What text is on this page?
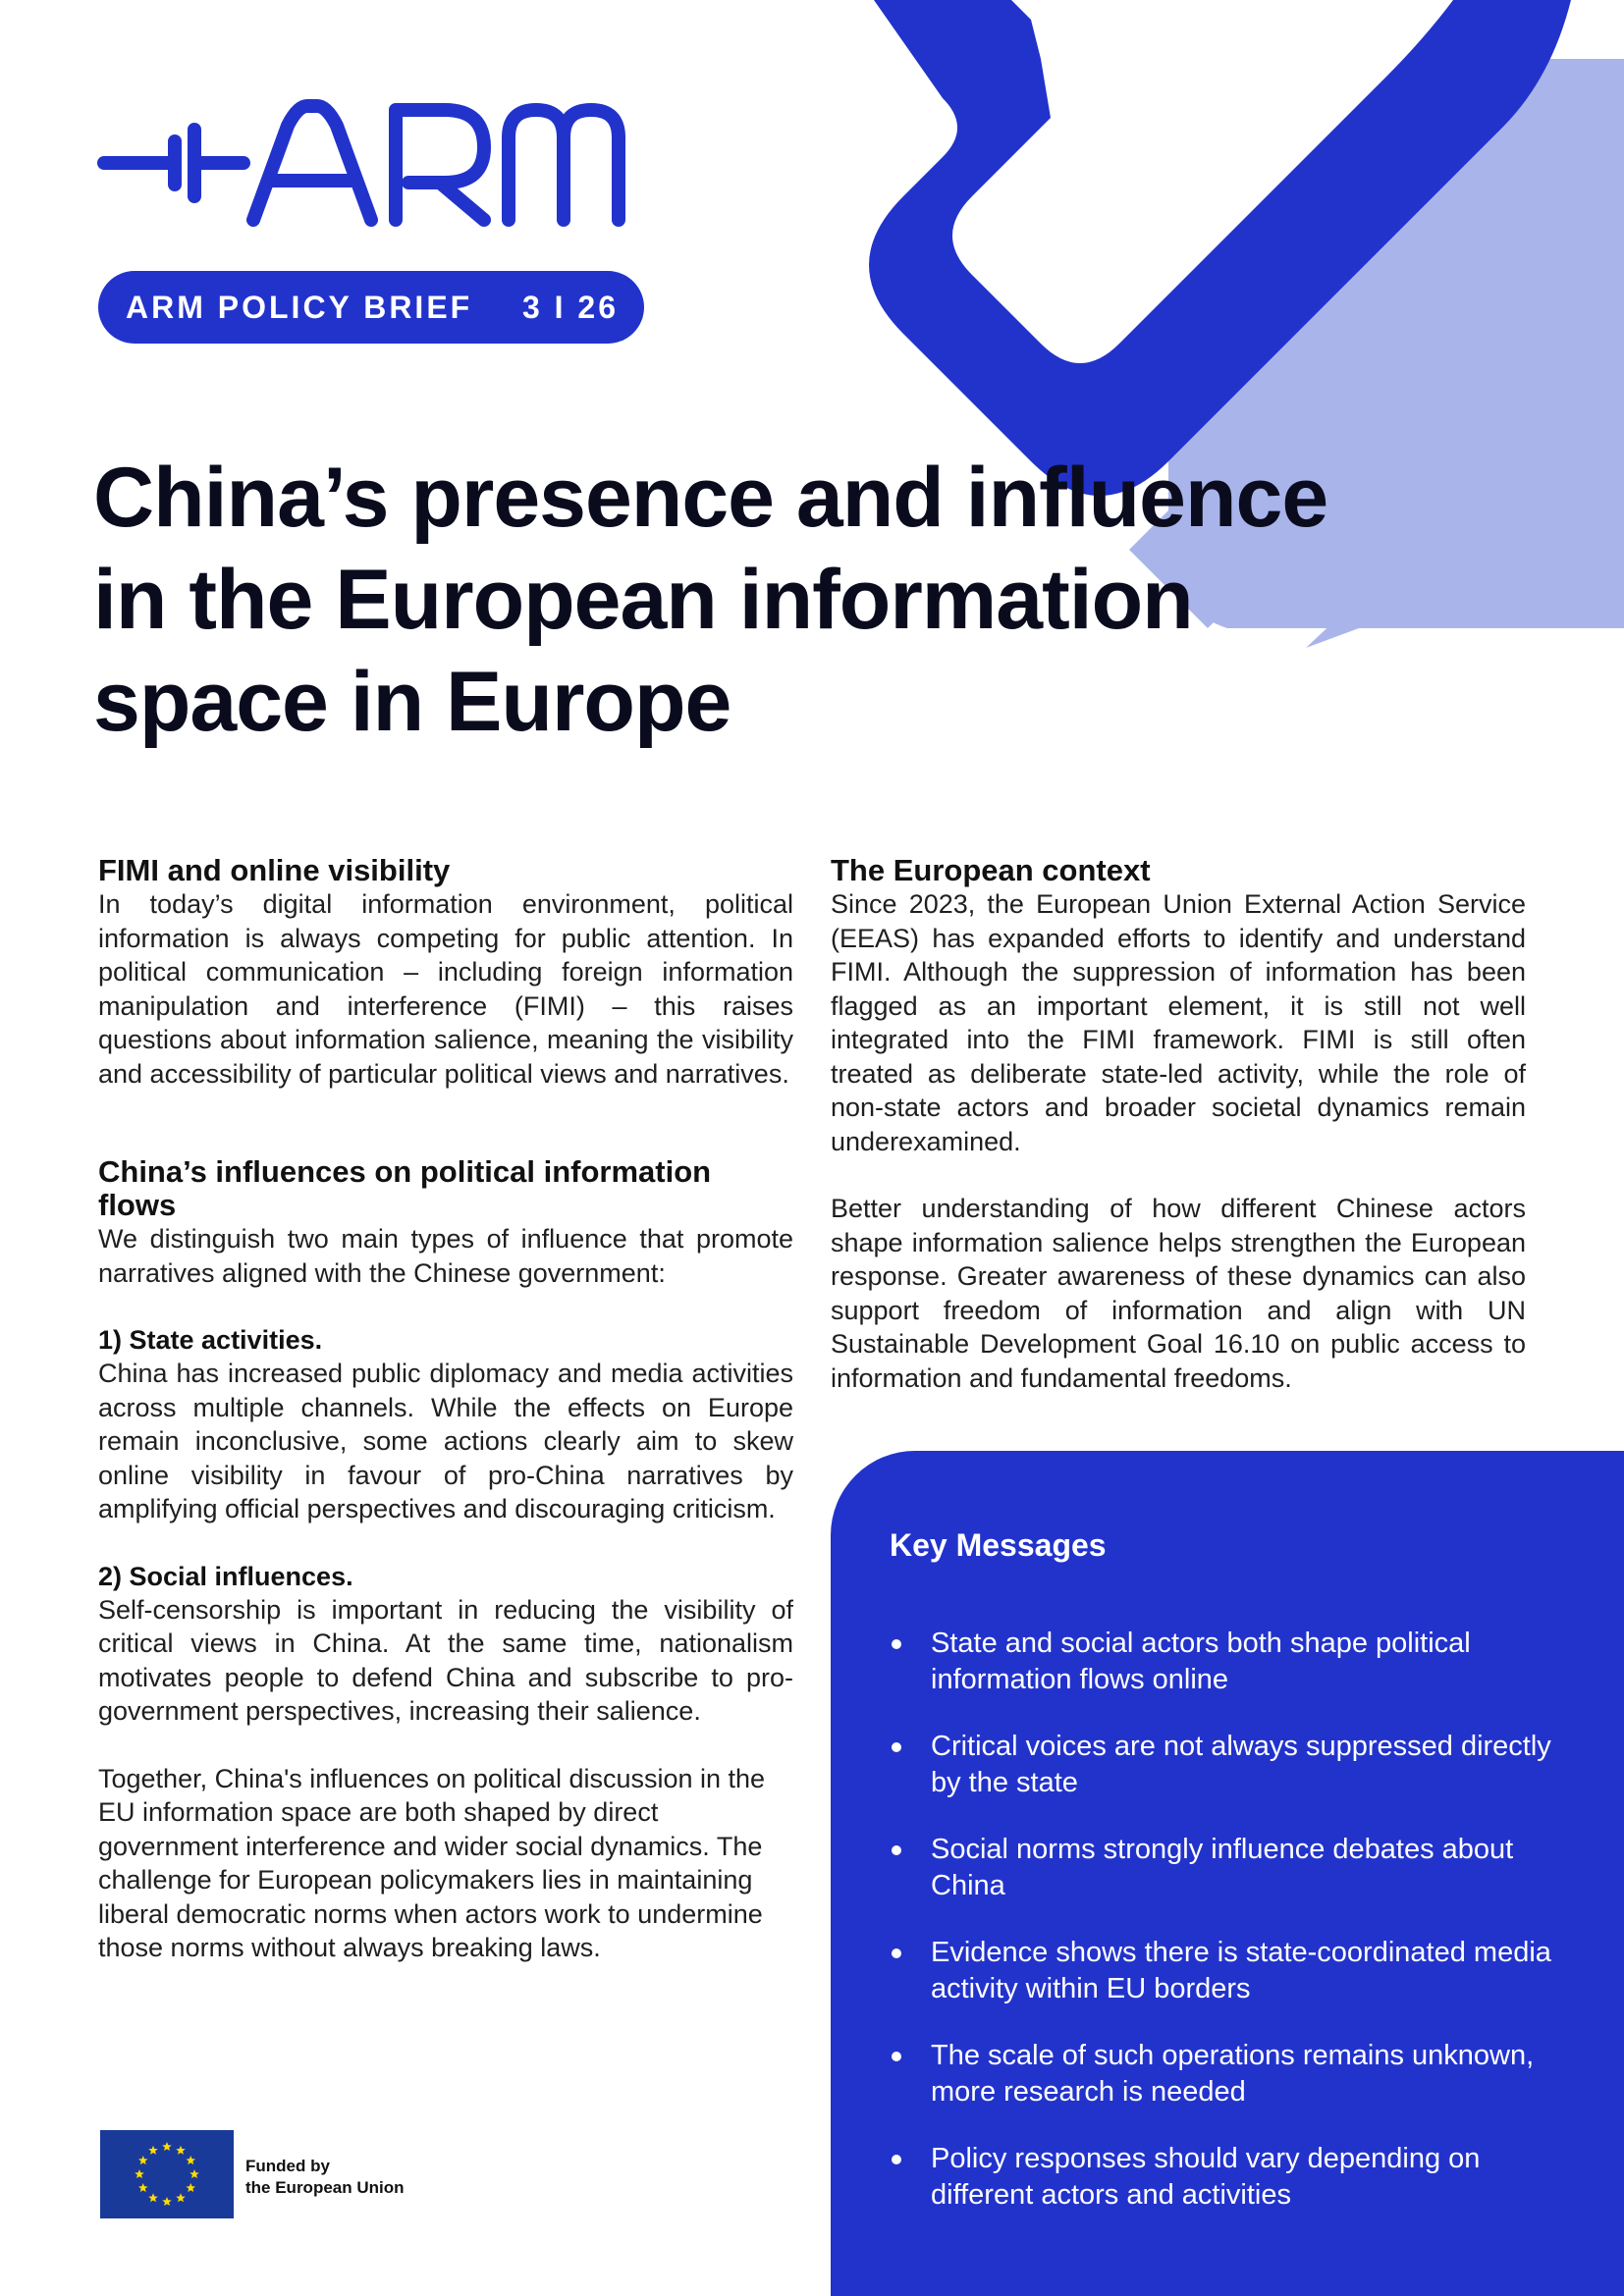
ARM POLICY BRIEF 3 I 26
China’s presence and influence in the European information space in Europe
FIMI and online visibility

In today’s digital information environment, political information is always competing for public attention. In political communication – including foreign information manipulation and interference (FIMI) – this raises questions about information salience, meaning the visibility and accessibility of particular political views and narratives.

China’s influences on political information flows

We distinguish two main types of influence that promote narratives aligned with the Chinese government:

1) State activities.

China has increased public diplomacy and media activities across multiple channels. While the effects on Europe remain inconclusive, some actions clearly aim to skew online visibility in favour of pro-China narratives by amplifying official perspectives and discouraging criticism.

2) Social influences.

Self-censorship is important in reducing the visibility of critical views in China. At the same time, nationalism motivates people to defend China and subscribe to pro-government perspectives, increasing their salience.

Together, China's influences on political discussion in the EU information space are both shaped by direct government interference and wider social dynamics. The challenge for European policymakers lies in maintaining liberal democratic norms when actors work to undermine those norms without always breaking laws.

The European context

Since 2023, the European Union External Action Service (EEAS) has expanded efforts to identify and understand FIMI. Although the suppression of information has been flagged as an important element, it is still not well integrated into the FIMI framework. FIMI is still often treated as deliberate state-led activity, while the role of non-state actors and broader societal dynamics remain underexamined.

Better understanding of how different Chinese actors shape information salience helps strengthen the European response. Greater awareness of these dynamics can also support freedom of information and align with UN Sustainable Development Goal 16.10 on public access to information and fundamental freedoms.

Key Messages
State and social actors both shape political information flows online
Critical voices are not always suppressed directly by the state
Social norms strongly influence debates about China
Evidence shows there is state-coordinated media activity within EU borders
The scale of such operations remains unknown, more research is needed
Policy responses should vary depending on different actors and activities
Funded by
the European Union
